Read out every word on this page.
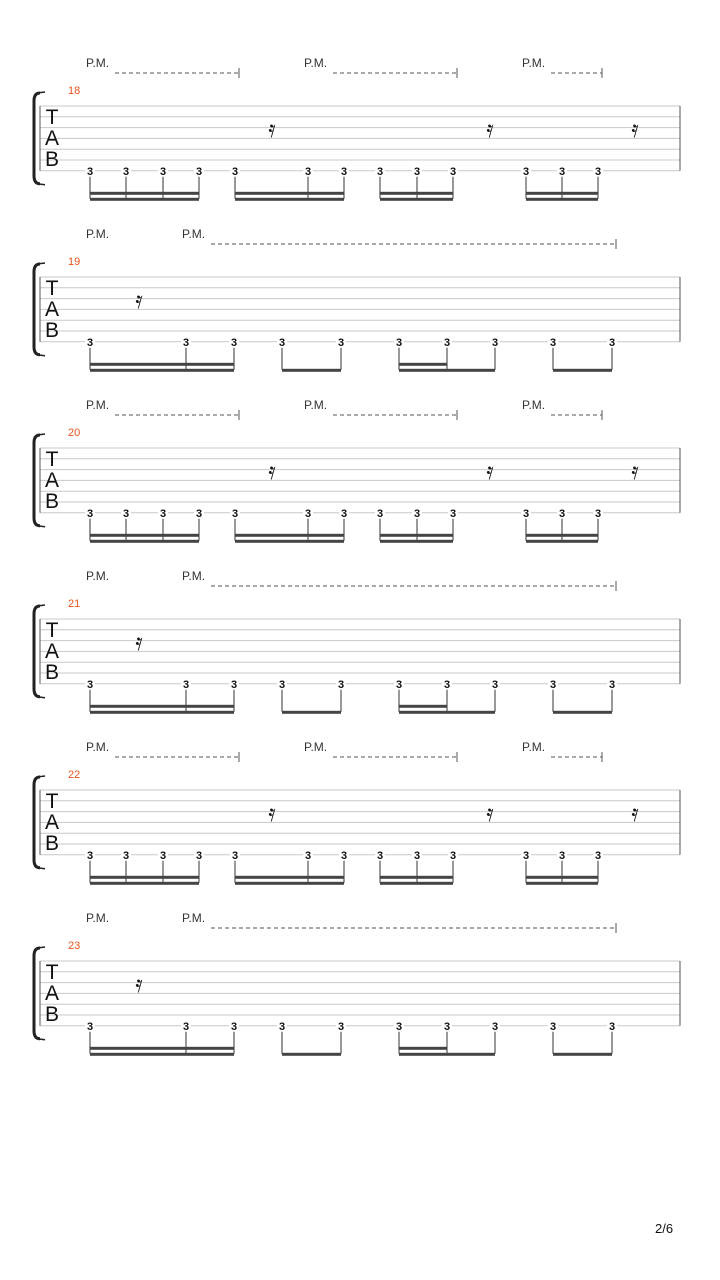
T
A
B
18
P.M.	P.M.	P.M.
𝄿	𝄿	𝄿
3	3	3	3	3	3	3	3	3	3	3	3	3
T
A
B
19
P.M.	P.M.
𝄿
3	3	3	3	3	3	3	3	3	3
T
A
B
20
P.M.	P.M.	P.M.
𝄿	𝄿	𝄿
3	3	3	3	3	3	3	3	3	3	3	3	3
T
A
B
21
P.M.	P.M.
𝄿
3	3	3	3	3	3	3	3	3	3
T
A
B
22
P.M.	P.M.	P.M.
𝄿	𝄿	𝄿
3	3	3	3	3	3	3	3	3	3	3	3	3
T
A
B
23
P.M.	P.M.
𝄿
3	3	3	3	3	3	3	3	3	3
2/6
